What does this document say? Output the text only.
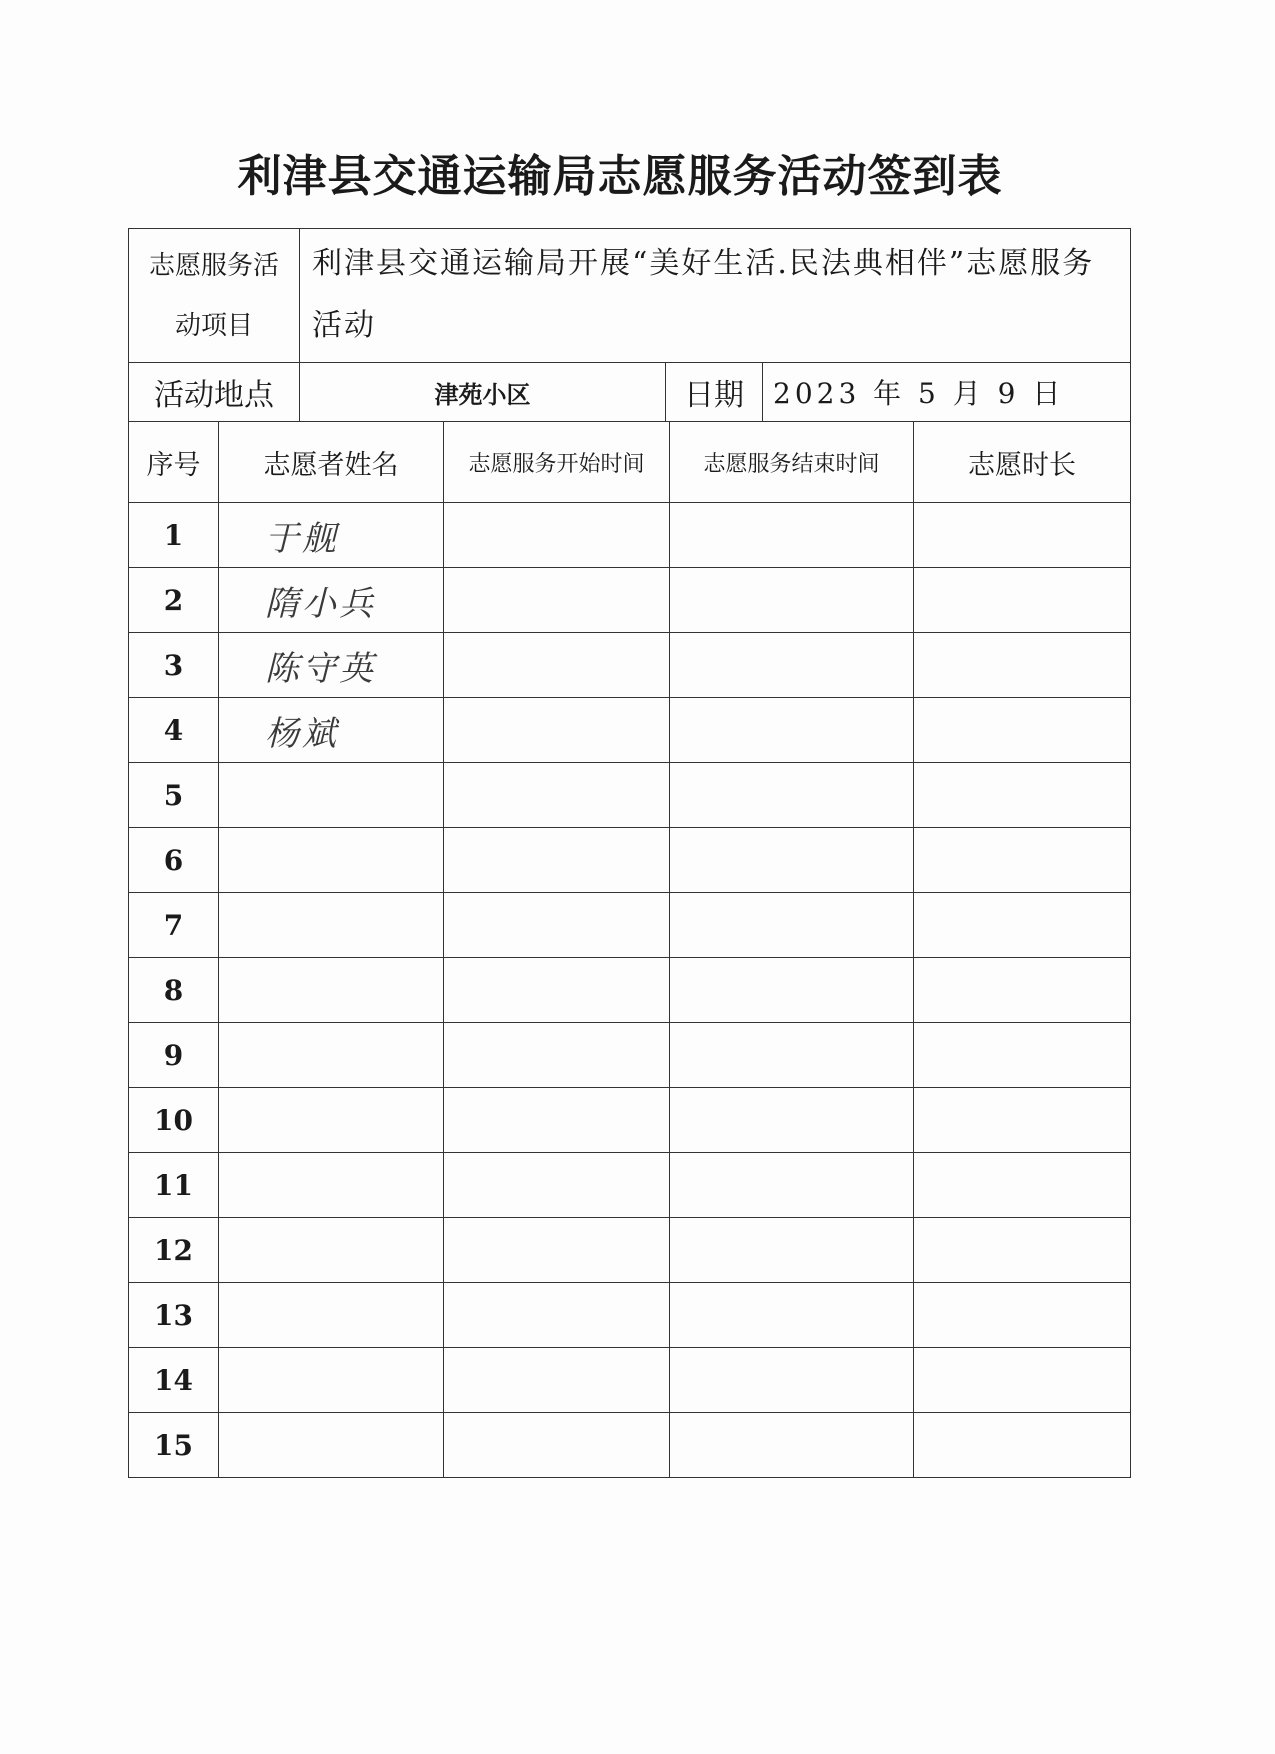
利津县交通运输局志愿服务活动签到表
志愿服务活
动项目	利津县交通运输局开展“美好生活.民法典相伴”志愿服务活动		
活动地点	津苑小区	日期	2023 年 5 月 9 日
序号	志愿者姓名	志愿服务开始时间	志愿服务结束时间	志愿时长
1	于舰			
2	隋小兵			
3	陈守英			
4	杨斌			
5				
6				
7				
8				
9				
10				
11				
12				
13				
14				
15				
